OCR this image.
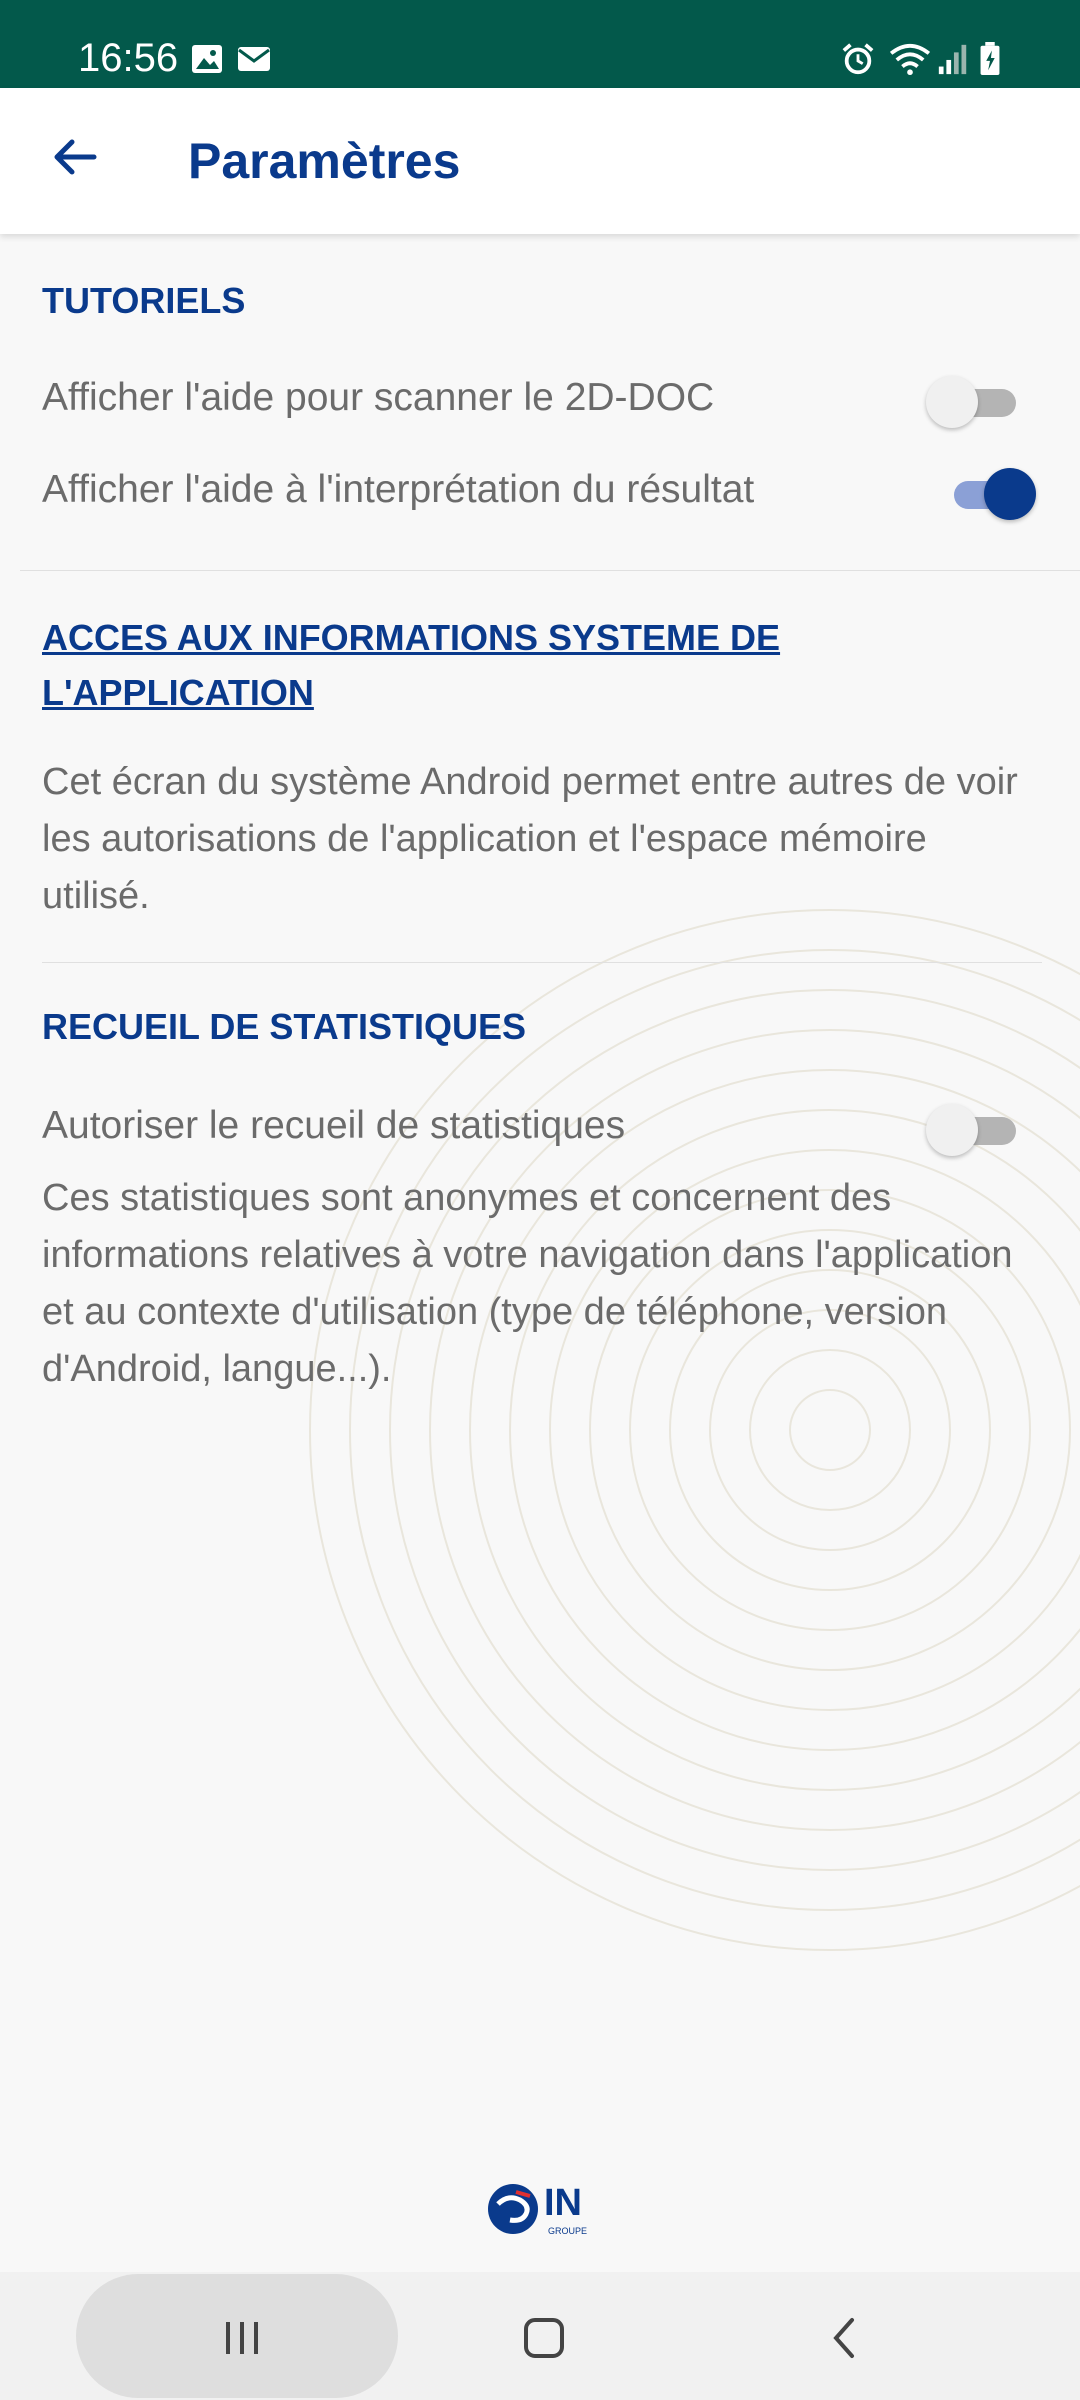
16:56
Paramètres
TUTORIELS
Afficher l'aide pour scanner le 2D-DOC
Afficher l'aide à l'interprétation du résultat
ACCES AUX INFORMATIONS SYSTEME DE L'APPLICATION
Cet écran du système Android permet entre autres de voir les autorisations de l'application et l'espace mémoire utilisé.
RECUEIL DE STATISTIQUES
Autoriser le recueil de statistiques
Ces statistiques sont anonymes et concernent des informations relatives à votre navigation dans l'application et au contexte d'utilisation (type de téléphone, version d'Android, langue...).
IN
GROUPE
